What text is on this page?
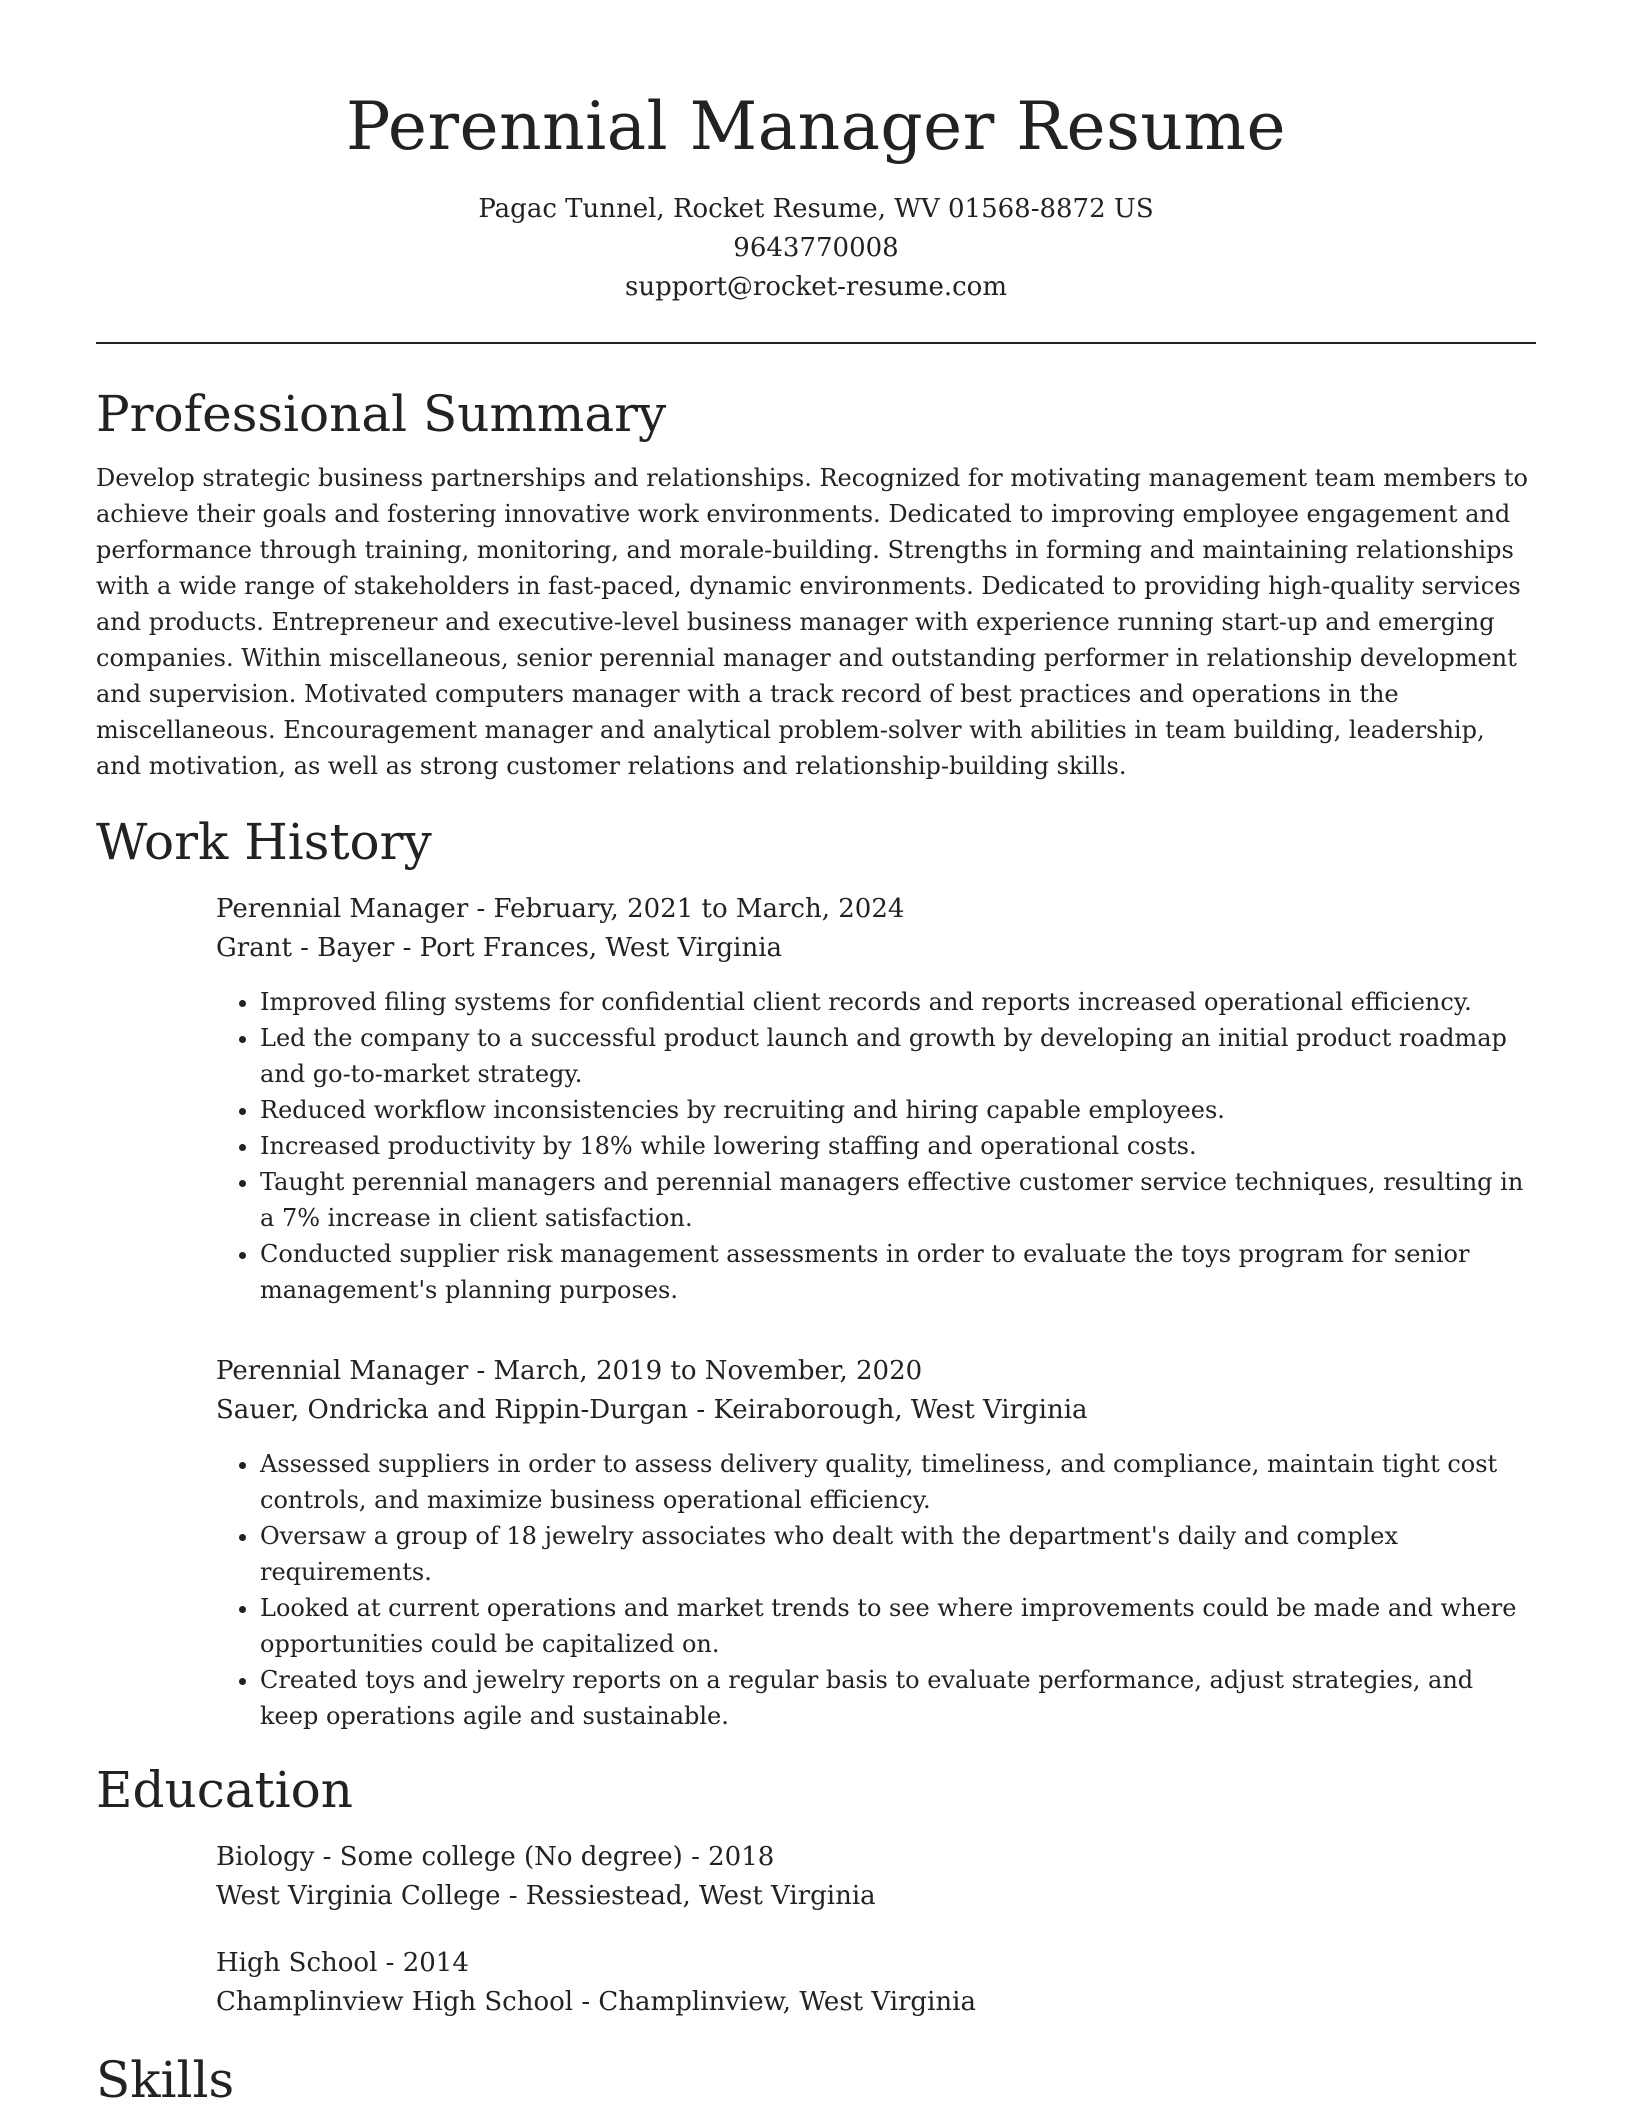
Perennial Manager Resume
Pagac Tunnel, Rocket Resume, WV 01568-8872 US
9643770008
support@rocket-resume.com
Professional Summary

Develop strategic business partnerships and relationships. Recognized for motivating management team members to achieve their goals and fostering innovative work environments. Dedicated to improving employee engagement and performance through training, monitoring, and morale-building. Strengths in forming and maintaining relationships with a wide range of stakeholders in fast-paced, dynamic environments. Dedicated to providing high-quality services and products. Entrepreneur and executive-level business manager with experience running start-up and emerging companies. Within miscellaneous, senior perennial manager and outstanding performer in relationship development and supervision. Motivated computers manager with a track record of best practices and operations in the miscellaneous. Encouragement manager and analytical problem-solver with abilities in team building, leadership, and motivation, as well as strong customer relations and relationship-building skills.

Work History
Perennial Manager - February, 2021 to March, 2024
Grant - Bayer - Port Frances, West Virginia
• Improved filing systems for confidential client records and reports increased operational efficiency.
• Led the company to a successful product launch and growth by developing an initial product roadmap and go-to-market strategy.
• Reduced workflow inconsistencies by recruiting and hiring capable employees.
• Increased productivity by 18% while lowering staffing and operational costs.
• Taught perennial managers and perennial managers effective customer service techniques, resulting in a 7% increase in client satisfaction.
• Conducted supplier risk management assessments in order to evaluate the toys program for senior management's planning purposes.
Perennial Manager - March, 2019 to November, 2020
Sauer, Ondricka and Rippin-Durgan - Keiraborough, West Virginia
• Assessed suppliers in order to assess delivery quality, timeliness, and compliance, maintain tight cost controls, and maximize business operational efficiency.
• Oversaw a group of 18 jewelry associates who dealt with the department's daily and complex requirements.
• Looked at current operations and market trends to see where improvements could be made and where opportunities could be capitalized on.
• Created toys and jewelry reports on a regular basis to evaluate performance, adjust strategies, and keep operations agile and sustainable.
Education
Biology - Some college (No degree) - 2018
West Virginia College - Ressiestead, West Virginia
High School - 2014
Champlinview High School - Champlinview, West Virginia
Skills
